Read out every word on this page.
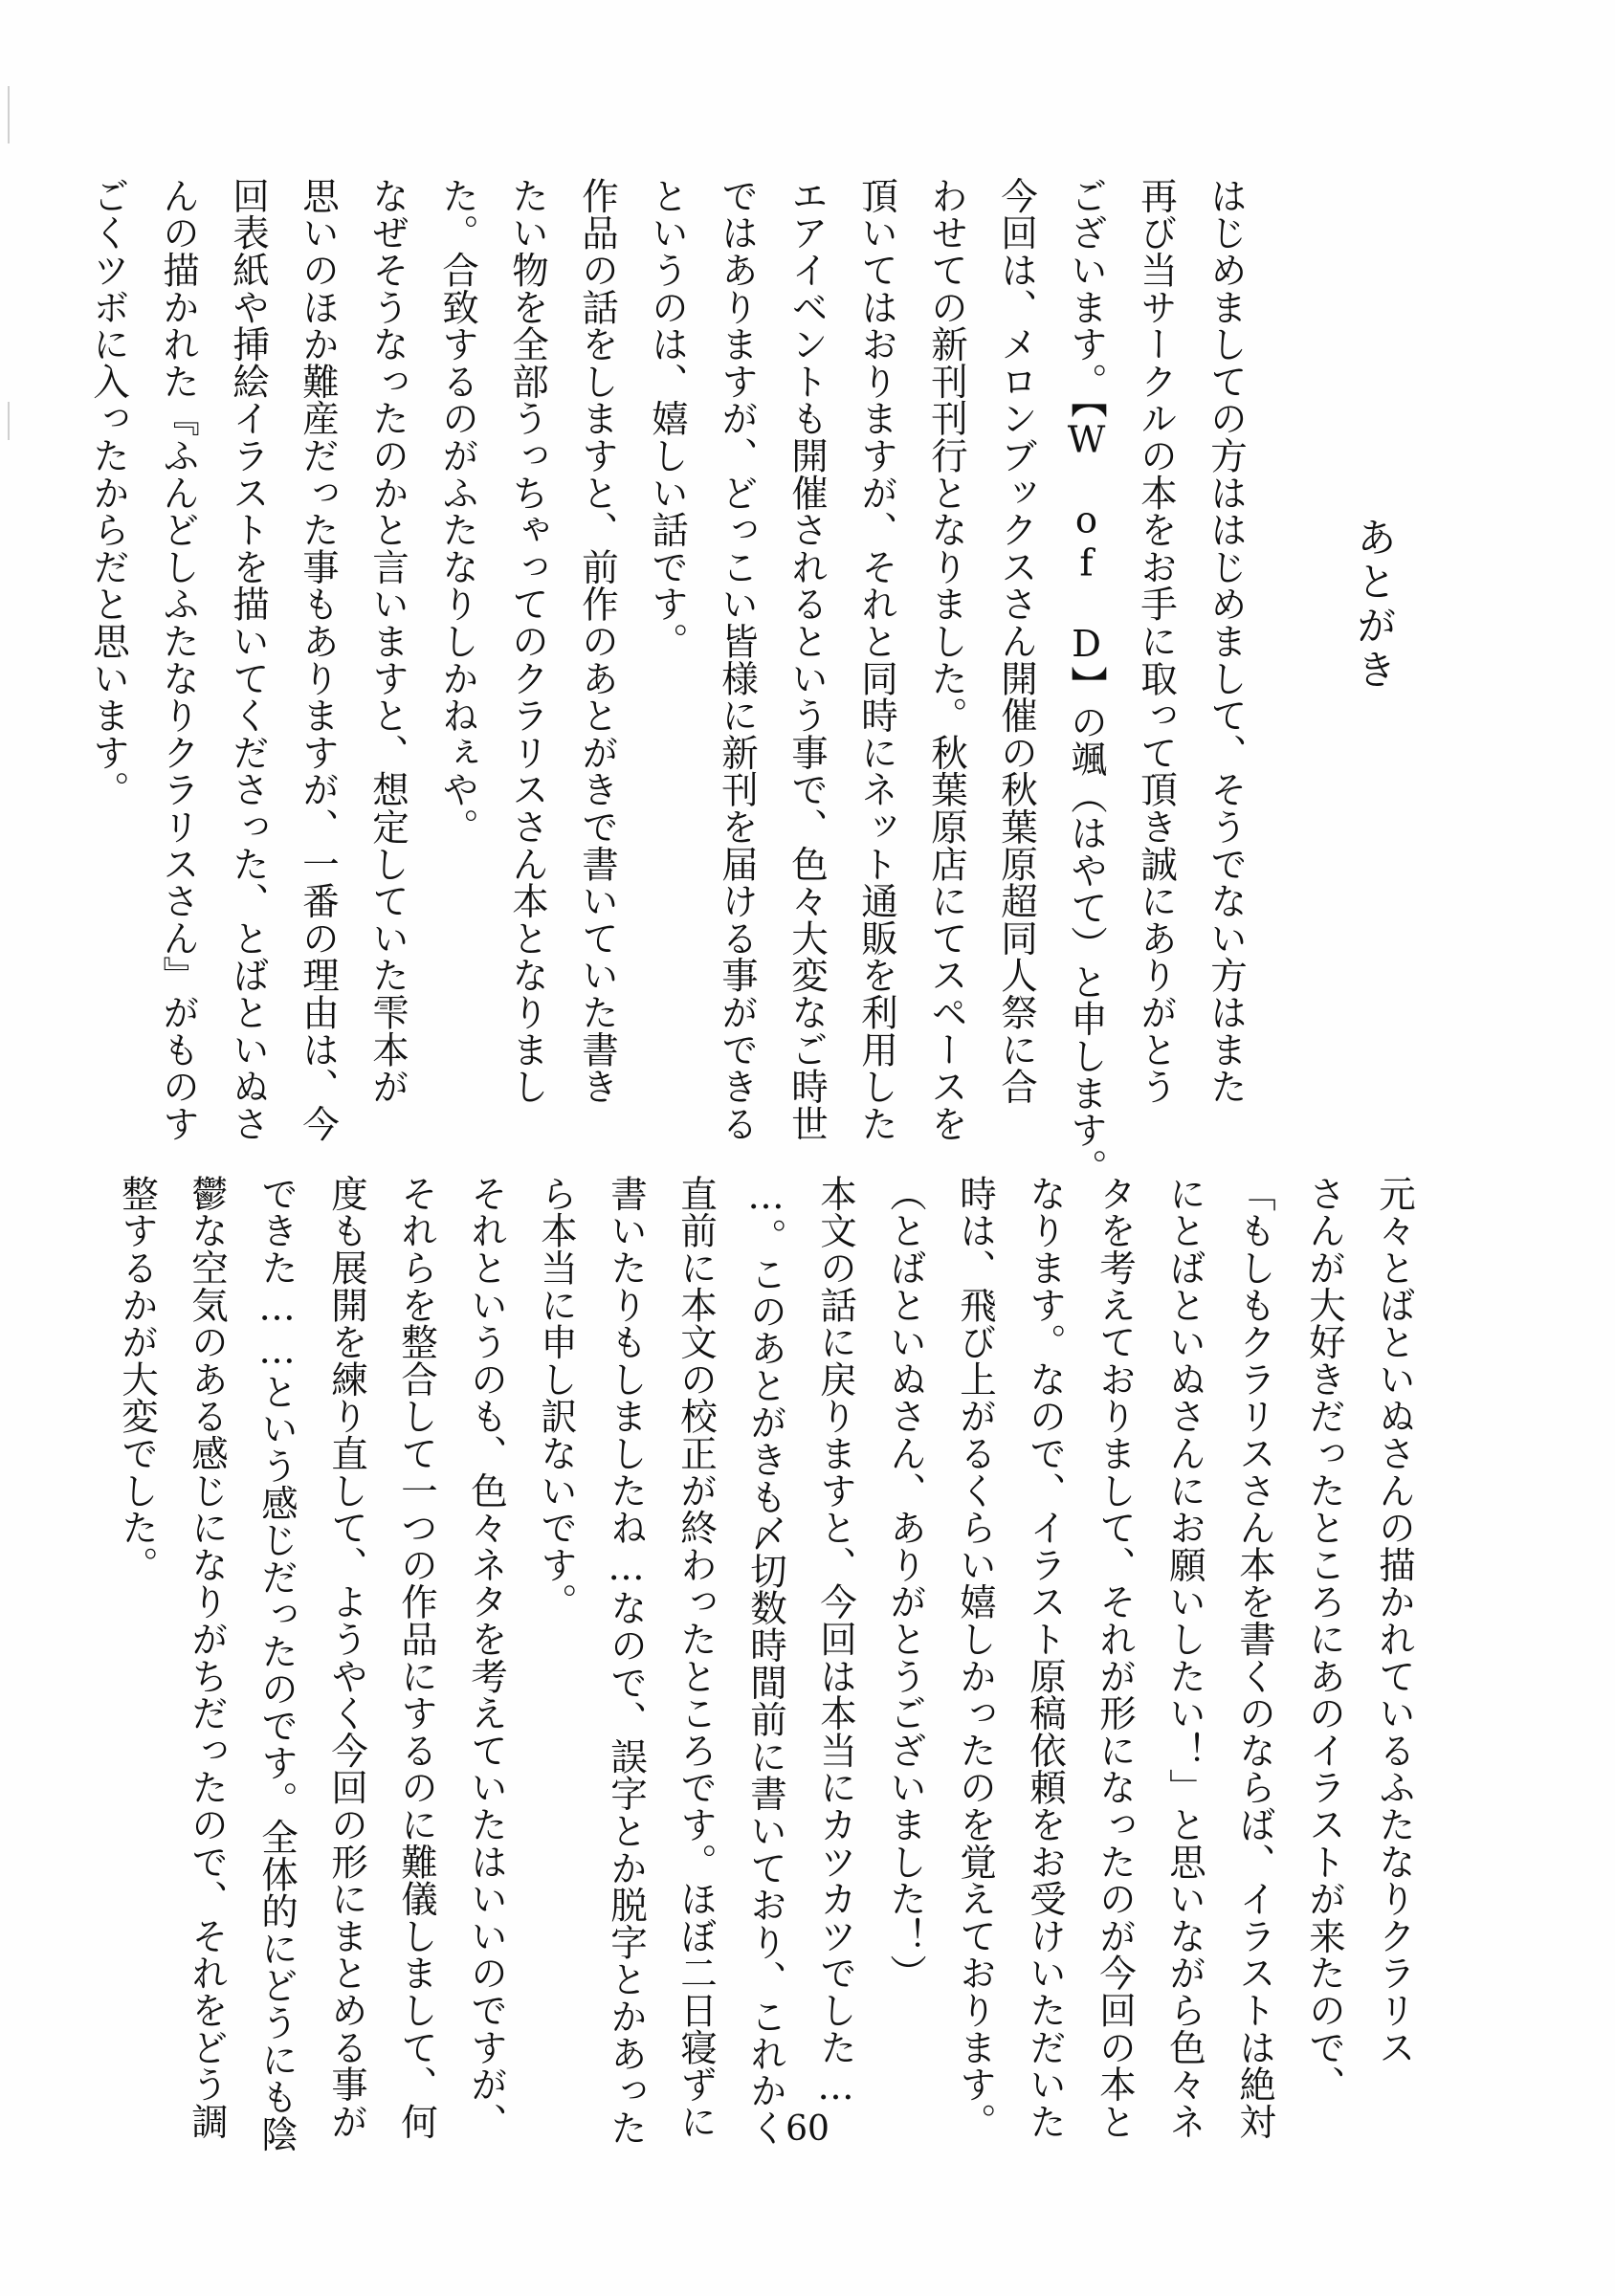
あとがき

はじめましての方ははじめまして、そうでない方はまた

再び当サークルの本をお手に取って頂き誠にありがとう

ございます。【W　of　D】の颯（はやて）と申します。

今回は、メロンブックスさん開催の秋葉原超同人祭に合

わせての新刊刊行となりました。秋葉原店にてスペースを

頂いてはおりますが、それと同時にネット通販を利用した

エアイベントも開催されるという事で、色々大変なご時世

ではありますが、どっこい皆様に新刊を届ける事ができる

というのは、嬉しい話です。

作品の話をしますと、前作のあとがきで書いていた書き

たい物を全部うっちゃってのクラリスさん本となりまし

た。合致するのがふたなりしかねぇや。

なぜそうなったのかと言いますと、想定していた雫本が

思いのほか難産だった事もありますが、一番の理由は、今

回表紙や挿絵イラストを描いてくださった、とばといぬさ

んの描かれた『ふんどしふたなりクラリスさん』がものす

ごくツボに入ったからだと思います。

元々とばといぬさんの描かれているふたなりクラリス

さんが大好きだったところにあのイラストが来たので、

「もしもクラリスさん本を書くのならば、イラストは絶対

にとばといぬさんにお願いしたい！」と思いながら色々ネ

タを考えておりまして、それが形になったのが今回の本と

なります。なので、イラスト原稿依頼をお受けいただいた

時は、飛び上がるくらい嬉しかったのを覚えております。

（とばといぬさん、ありがとうございました！）

本文の話に戻りますと、今回は本当にカツカツでした…

…。このあとがきも〆切数時間前に書いており、これかく

直前に本文の校正が終わったところです。ほぼ二日寝ずに

書いたりもしましたね…なので、誤字とか脱字とかあった

ら本当に申し訳ないです。

それというのも、色々ネタを考えていたはいいのですが、

それらを整合して一つの作品にするのに難儀しまして、何

度も展開を練り直して、ようやく今回の形にまとめる事が

できた……という感じだったのです。全体的にどうにも陰

鬱な空気のある感じになりがちだったので、それをどう調

整するかが大変でした。

60
